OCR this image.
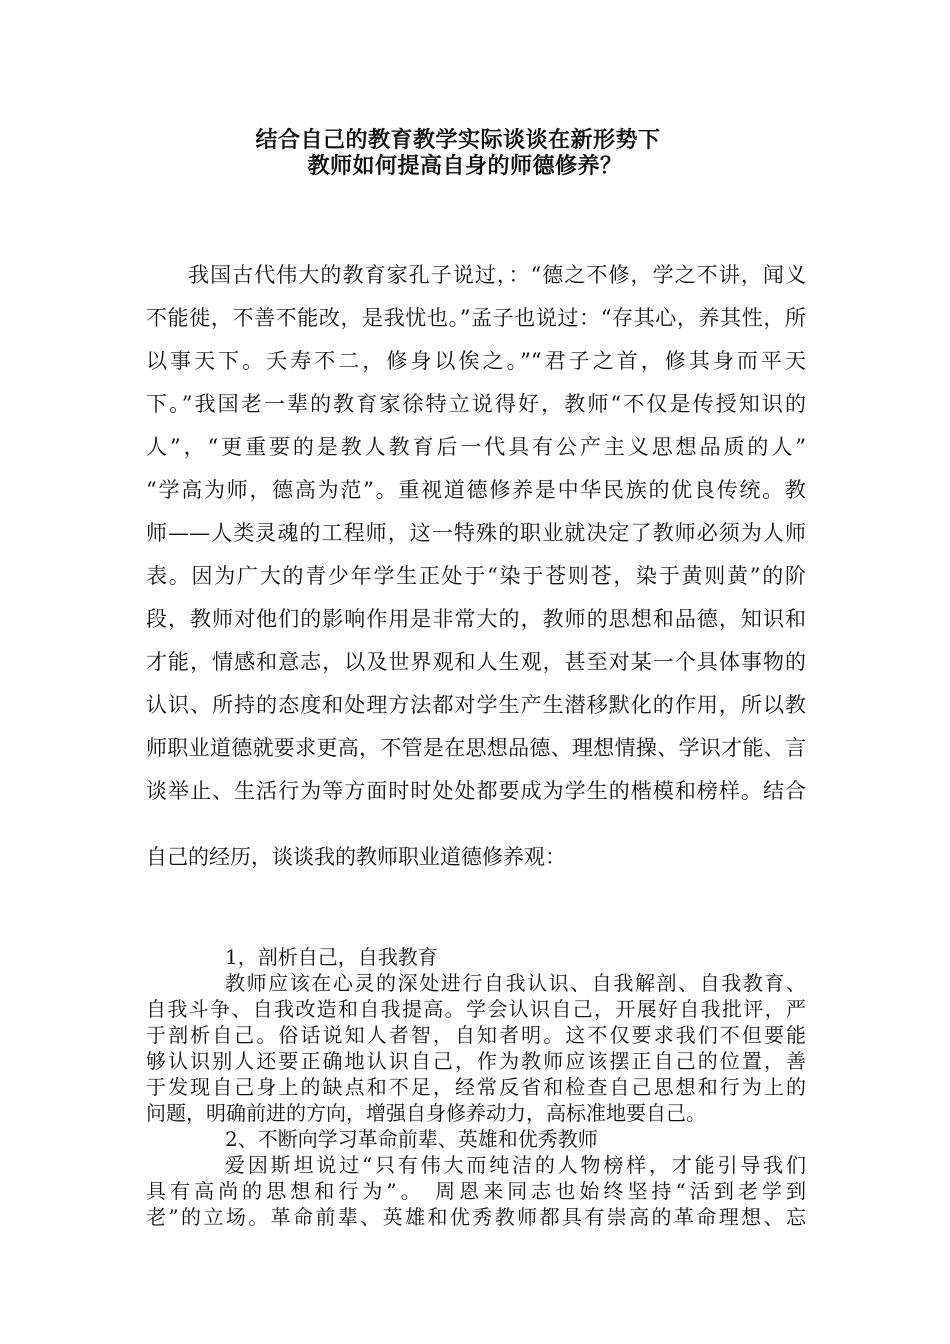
结合自己的教育教学实际谈谈在新形势下
教师如何提高自身的师德修养？
我国古代伟大的教育家孔子说过，：“德之不修，学之不讲，闻义
不能徙，不善不能改，是我忧也。”孟子也说过：“存其心，养其性，所
以事天下。夭寿不二，修身以俟之。”“君子之首，修其身而平天
下。”我国老一辈的教育家徐特立说得好，教师“不仅是传授知识的
人”，“更重要的是教人教育后一代具有公产主义思想品质的人”
“学高为师，德高为范”。重视道德修养是中华民族的优良传统。教
师——人类灵魂的工程师，这一特殊的职业就决定了教师必须为人师
表。因为广大的青少年学生正处于“染于苍则苍，染于黄则黄”的阶
段，教师对他们的影响作用是非常大的，教师的思想和品德，知识和
才能，情感和意志，以及世界观和人生观，甚至对某一个具体事物的
认识、所持的态度和处理方法都对学生产生潜移默化的作用，所以教
师职业道德就要求更高，不管是在思想品德、理想情操、学识才能、言
谈举止、生活行为等方面时时处处都要成为学生的楷模和榜样。结合
自己的经历，谈谈我的教师职业道德修养观：
1，剖析自己，自我教育
教师应该在心灵的深处进行自我认识、自我解剖、自我教育、
自我斗争、自我改造和自我提高。学会认识自己，开展好自我批评，严
于剖析自己。俗话说知人者智，自知者明。这不仅要求我们不但要能
够认识别人还要正确地认识自己，作为教师应该摆正自己的位置，善
于发现自己身上的缺点和不足，经常反省和检查自己思想和行为上的
问题，明确前进的方向，增强自身修养动力，高标准地要自己。
2、不断向学习革命前辈、英雄和优秀教师
爱因斯坦说过“只有伟大而纯洁的人物榜样，才能引导我们
具有高尚的思想和行为”。 周恩来同志也始终坚持“活到老学到
老”的立场。革命前辈、英雄和优秀教师都具有崇高的革命理想、忘
